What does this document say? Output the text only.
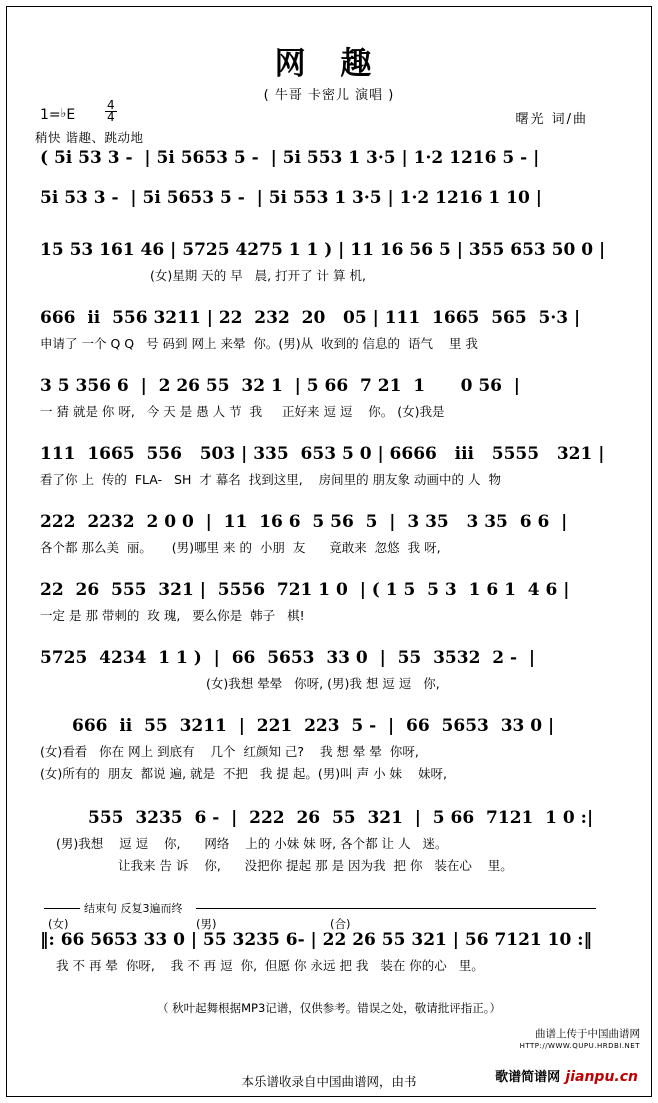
网 趣
( 牛哥 卡密儿 演唱 )
1=♭E $\frac{4}{4}$
稍快 谐趣、跳动地
曙光 词/曲
( 5i 53 3 -  | 5i 5653 5 -  | 5i 553 1 3·5 | 1·2 1216 5 - |
5i 53 3 -  | 5i 5653 5 -  | 5i 553 1 3·5 | 1·2 1216 1 10 |
15 53 161 46 | 5725 4275 1 1 ) | 11 16 56 5 | 355 653 50 0 |
(女)星期 天的 早   晨, 打开了 计 算 机,
666  ii  556 3211 | 22  232  20   05 | 111  1665  565  5·3 |
申请了 一个 Q Q   号 码到 网上 来晕  你。(男)从  收到的 信息的  语气    里 我
3 5 356 6  |  2 26 55  32 1  | 5 66  7 21  1      0 56  |
一 猜 就是 你 呀,   今 天 是 愚 人 节  我     正好来 逗 逗    你。 (女)我是
111  1665  556   503 | 335  653 5 0 | 6666   iii   5555   321 |
看了你 上  传的  FLA-   SH  才 幕名  找到这里,    房间里的 朋友象 动画中的 人  物
222  2232  2 0 0  |  11  16 6  5 56  5  |  3 35   3 35  6 6  |
各个都 那么美  丽。     (男)哪里 来 的  小朋  友      竟敢来  忽悠  我 呀,
22  26  555  321 |  5556  721 1 0  | ( 1 5  5 3  1 6 1  4 6 |
一定 是 那 带刺的  玫 瑰,   要么你是  韩子   棋!
5725  4234  1 1 )  |  66  5653  33 0  |  55  3532  2 -  |
(女)我想 晕晕   你呀, (男)我 想 逗 逗   你,
666  ii  55  3211  |  221  223  5 -  |  66  5653  33 0 |
(女)看看   你在 网上 到底有    几个  红颜知 己?    我 想 晕 晕  你呀,
(女)所有的  朋友  都说 遍, 就是  不把   我 提 起。(男)叫 声 小 妹    妹呀,
555  3235  6 -  |  222  26  55  321  |  5 66  7121  1 0 :|
(男)我想    逗 逗    你,      网络    上的 小妹 妹 呀, 各个都 让 人   迷。
让我来 告 诉    你,      没把你 提起 那 是 因为我  把 你   装在心    里。
结束句 反复3遍而终
(女)	(男)	(合)
‖: 66 5653 33 0 | 55 3235 6- | 22 26 55 321 | 56 7121 10 :‖
我 不 再 晕  你呀,    我 不 再 逗  你,  但愿 你 永远 把 我   装在 你的心   里。
（ 秋叶起舞根据MP3记谱，仅供参考。错误之处，敬请批评指正。）
曲谱上传于中国曲谱网
HTTP://WWW.QUPU.HRDBI.NET
本乐谱收录自中国曲谱网，由书	歌谱简谱网 jianpu.cn
